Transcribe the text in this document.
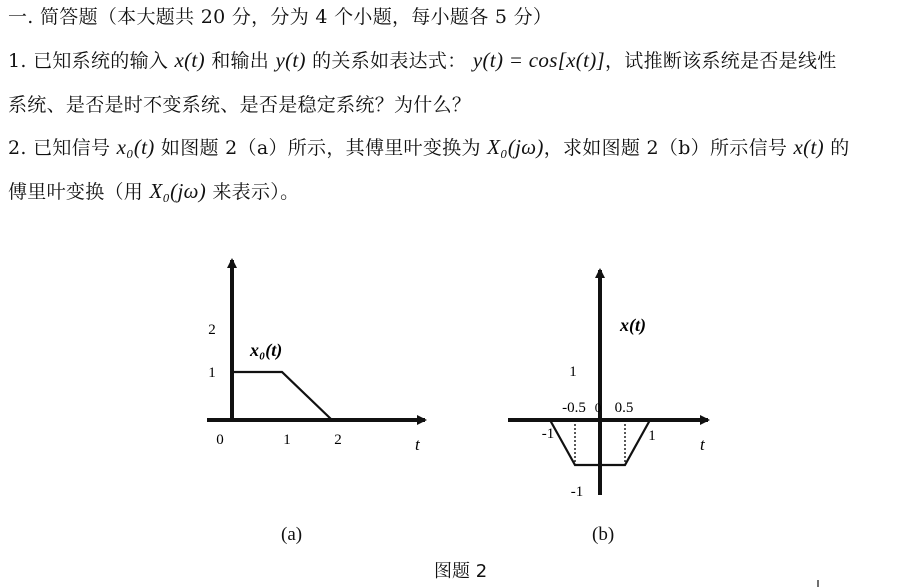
一. 简答题（本大题共 20 分，分为 4 个小题，每小题各 5 分）
1. 已知系统的输入 x(t) 和输出 y(t) 的关系如表达式： y(t) = cos[x(t)]，试推断该系统是否是线性
系统、是否是时不变系统、是否是稳定系统？为什么？
2. 已知信号 x₀(t) 如图题 2（a）所示，其傅里叶变换为 X₀(jω)，求如图题 2（b）所示信号 x(t) 的
傅里叶变换（用 X₀(jω) 来表示）。
2
1
x₀(t)
0	1	2	t
x(t)
1
-1
-0.5 0 0.5
-1	1	t
(a)	(b)
图题 2
